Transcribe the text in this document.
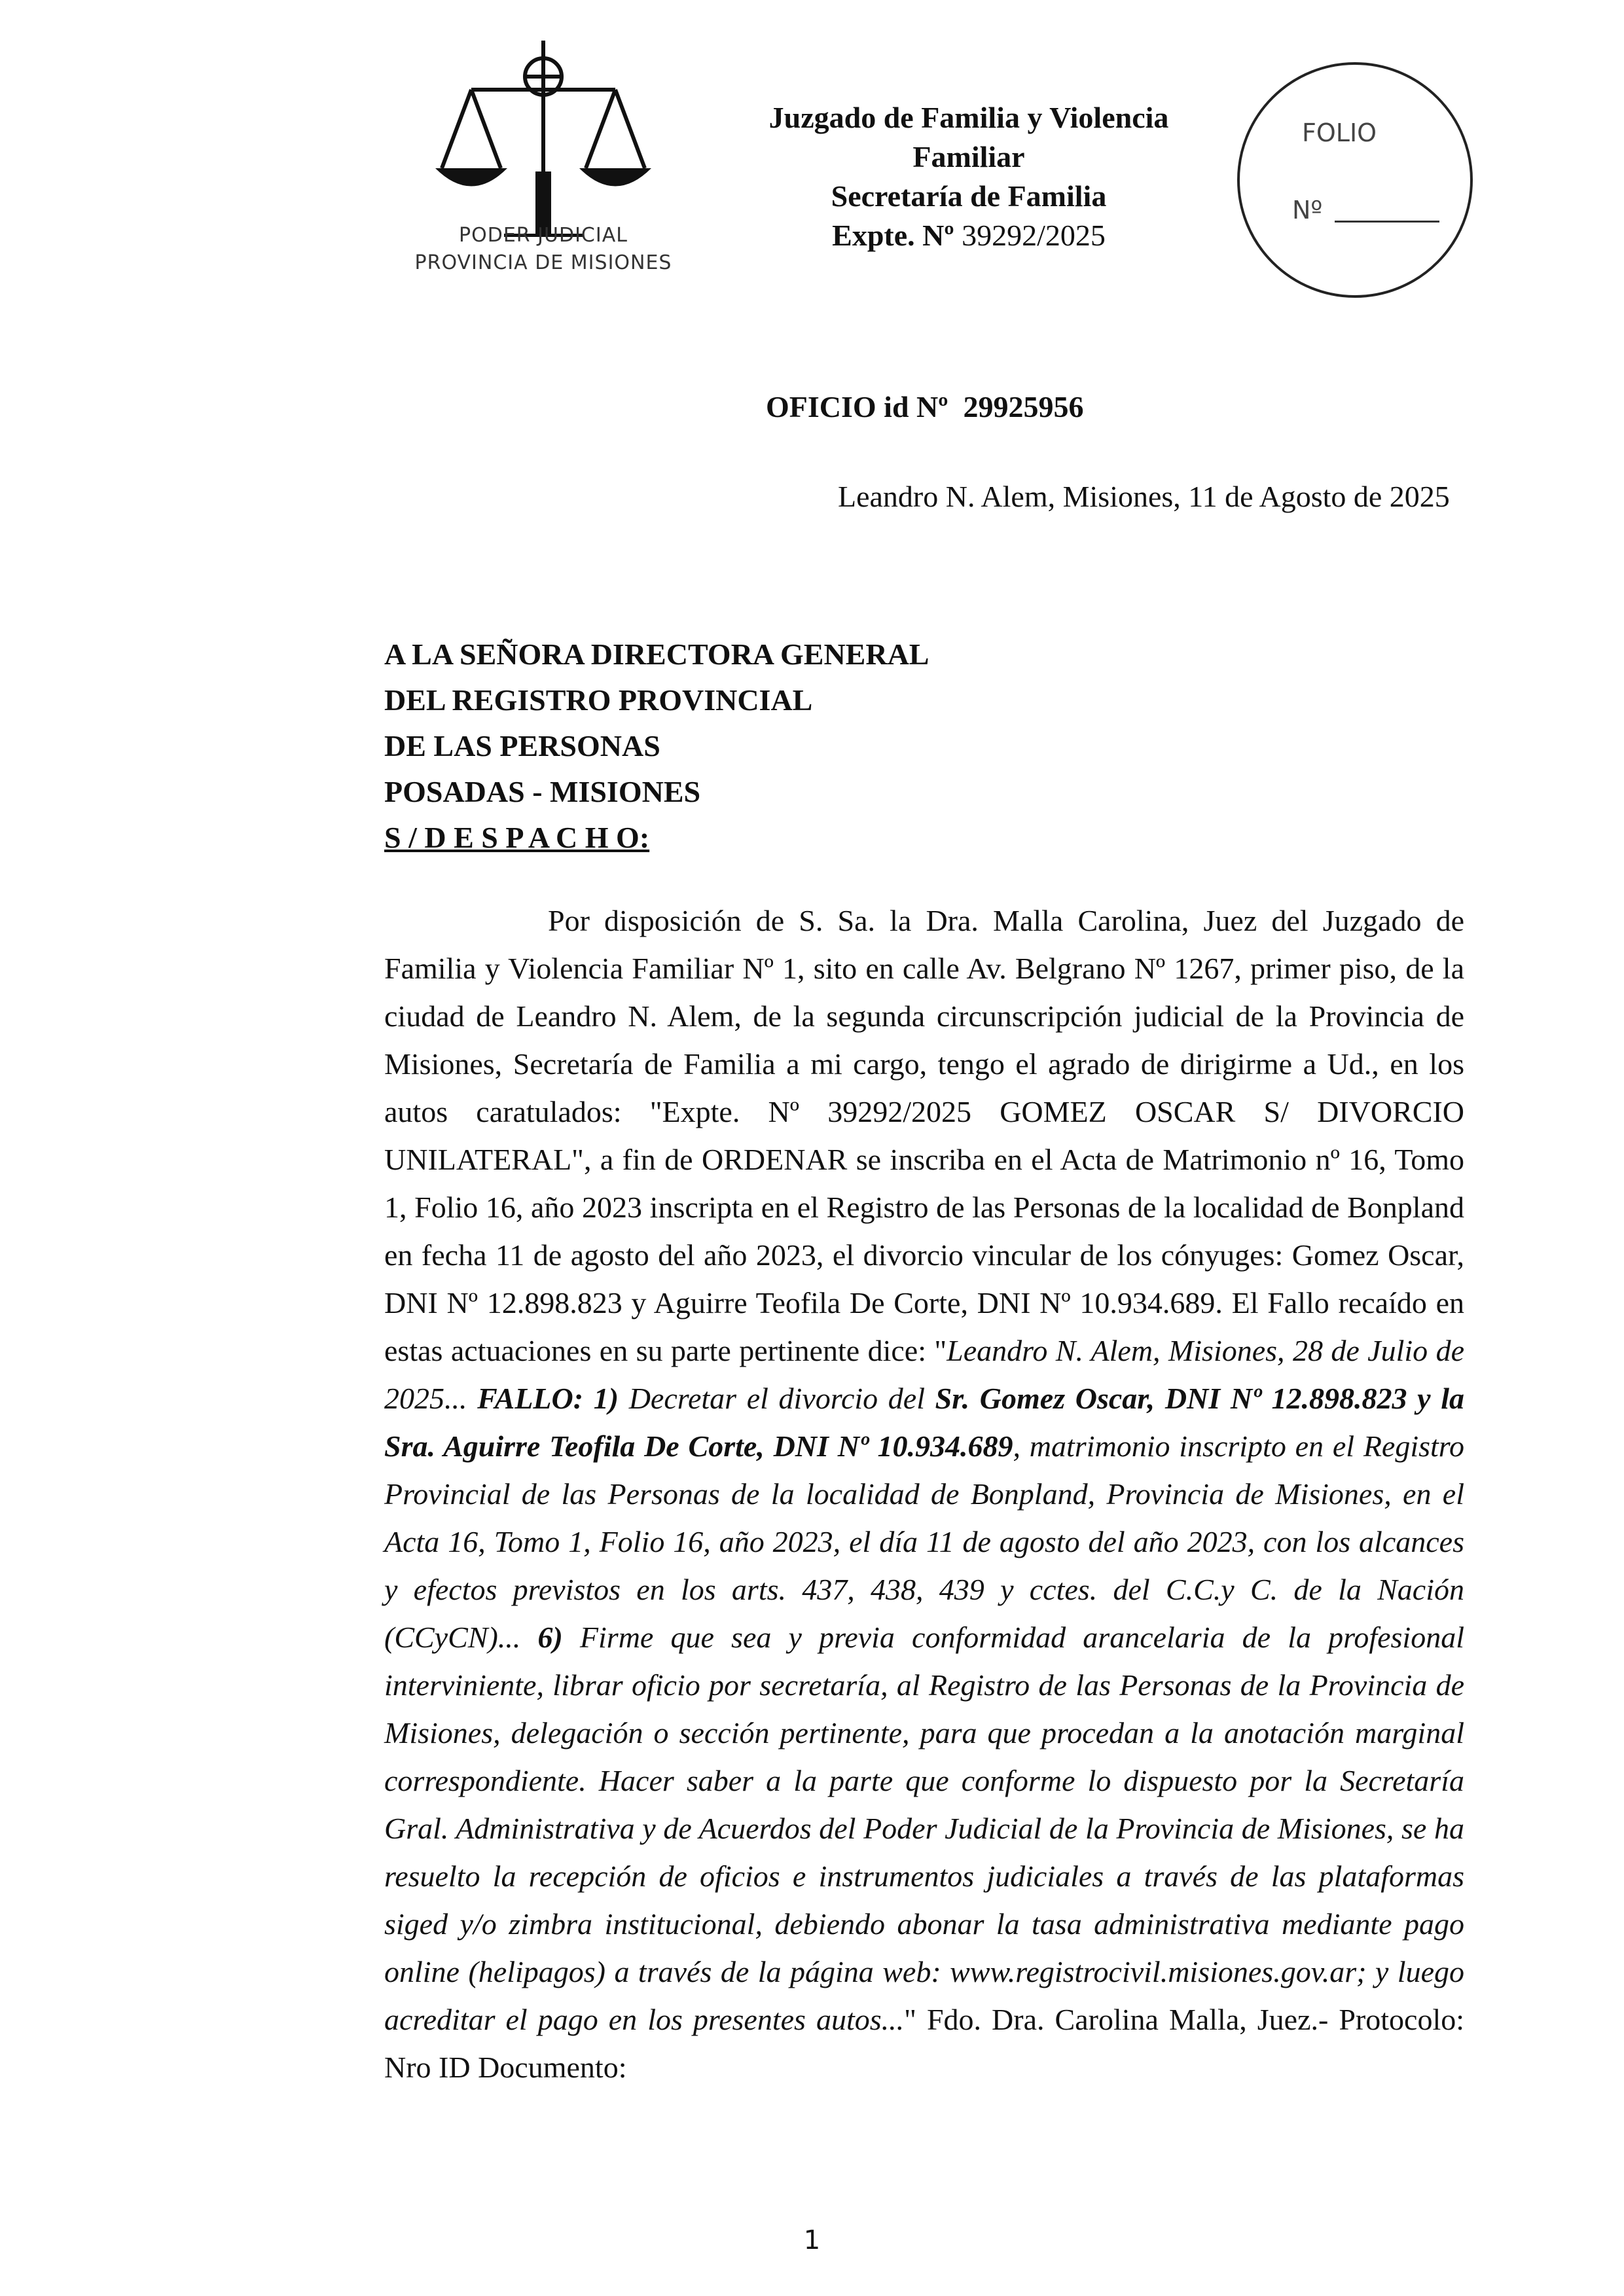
PODER JUDICIAL
PROVINCIA DE MISIONES
Juzgado de Familia y Violencia
Familiar
Secretaría de Familia
Expte. Nº 39292/2025
FOLIO
Nº
OFICIO id Nº 29925956
Leandro N. Alem, Misiones, 11 de Agosto de 2025
A LA SEÑORA DIRECTORA GENERAL
DEL REGISTRO PROVINCIAL
DE LAS PERSONAS
POSADAS - MISIONES
S / D E S P A C H O:

Por disposición de S. Sa. la Dra. Malla Carolina, Juez del Juzgado de Familia y Violencia Familiar Nº 1, sito en calle Av. Belgrano Nº 1267, primer piso, de la ciudad de Leandro N. Alem, de la segunda circunscripción judicial de la Provincia de Misiones, Secretaría de Familia a mi cargo, tengo el agrado de dirigirme a Ud., en los autos caratulados: "Expte. Nº 39292/2025 GOMEZ OSCAR S/ DIVORCIO UNILATERAL", a fin de ORDENAR se inscriba en el Acta de Matrimonio nº 16, Tomo 1, Folio 16, año 2023 inscripta en el Registro de las Personas de la localidad de Bonpland en fecha 11 de agosto del año 2023, el divorcio vincular de los cónyuges: Gomez Oscar, DNI Nº 12.898.823 y Aguirre Teofila De Corte, DNI Nº 10.934.689. El Fallo recaído en estas actuaciones en su parte pertinente dice: "Leandro N. Alem, Misiones, 28 de Julio de 2025... FALLO: 1) Decretar el divorcio del Sr. Gomez Oscar, DNI Nº 12.898.823 y la Sra. Aguirre Teofila De Corte, DNI Nº 10.934.689, matrimonio inscripto en el Registro Provincial de las Personas de la localidad de Bonpland, Provincia de Misiones, en el Acta 16, Tomo 1, Folio 16, año 2023, el día 11 de agosto del año 2023, con los alcances y efectos previstos en los arts. 437, 438, 439 y cctes. del C.C.y C. de la Nación (CCyCN)... 6) Firme que sea y previa conformidad arancelaria de la profesional interviniente, librar oficio por secretaría, al Registro de las Personas de la Provincia de Misiones, delegación o sección pertinente, para que procedan a la anotación marginal correspondiente. Hacer saber a la parte que conforme lo dispuesto por la Secretaría Gral. Administrativa y de Acuerdos del Poder Judicial de la Provincia de Misiones, se ha resuelto la recepción de oficios e instrumentos judiciales a través de las plataformas siged y/o zimbra institucional, debiendo abonar la tasa administrativa mediante pago online (helipagos) a través de la página web: www.registrocivil.misiones.gov.ar; y luego acreditar el pago en los presentes autos..." Fdo. Dra. Carolina Malla, Juez.- Protocolo: Nro ID Documento:

1
